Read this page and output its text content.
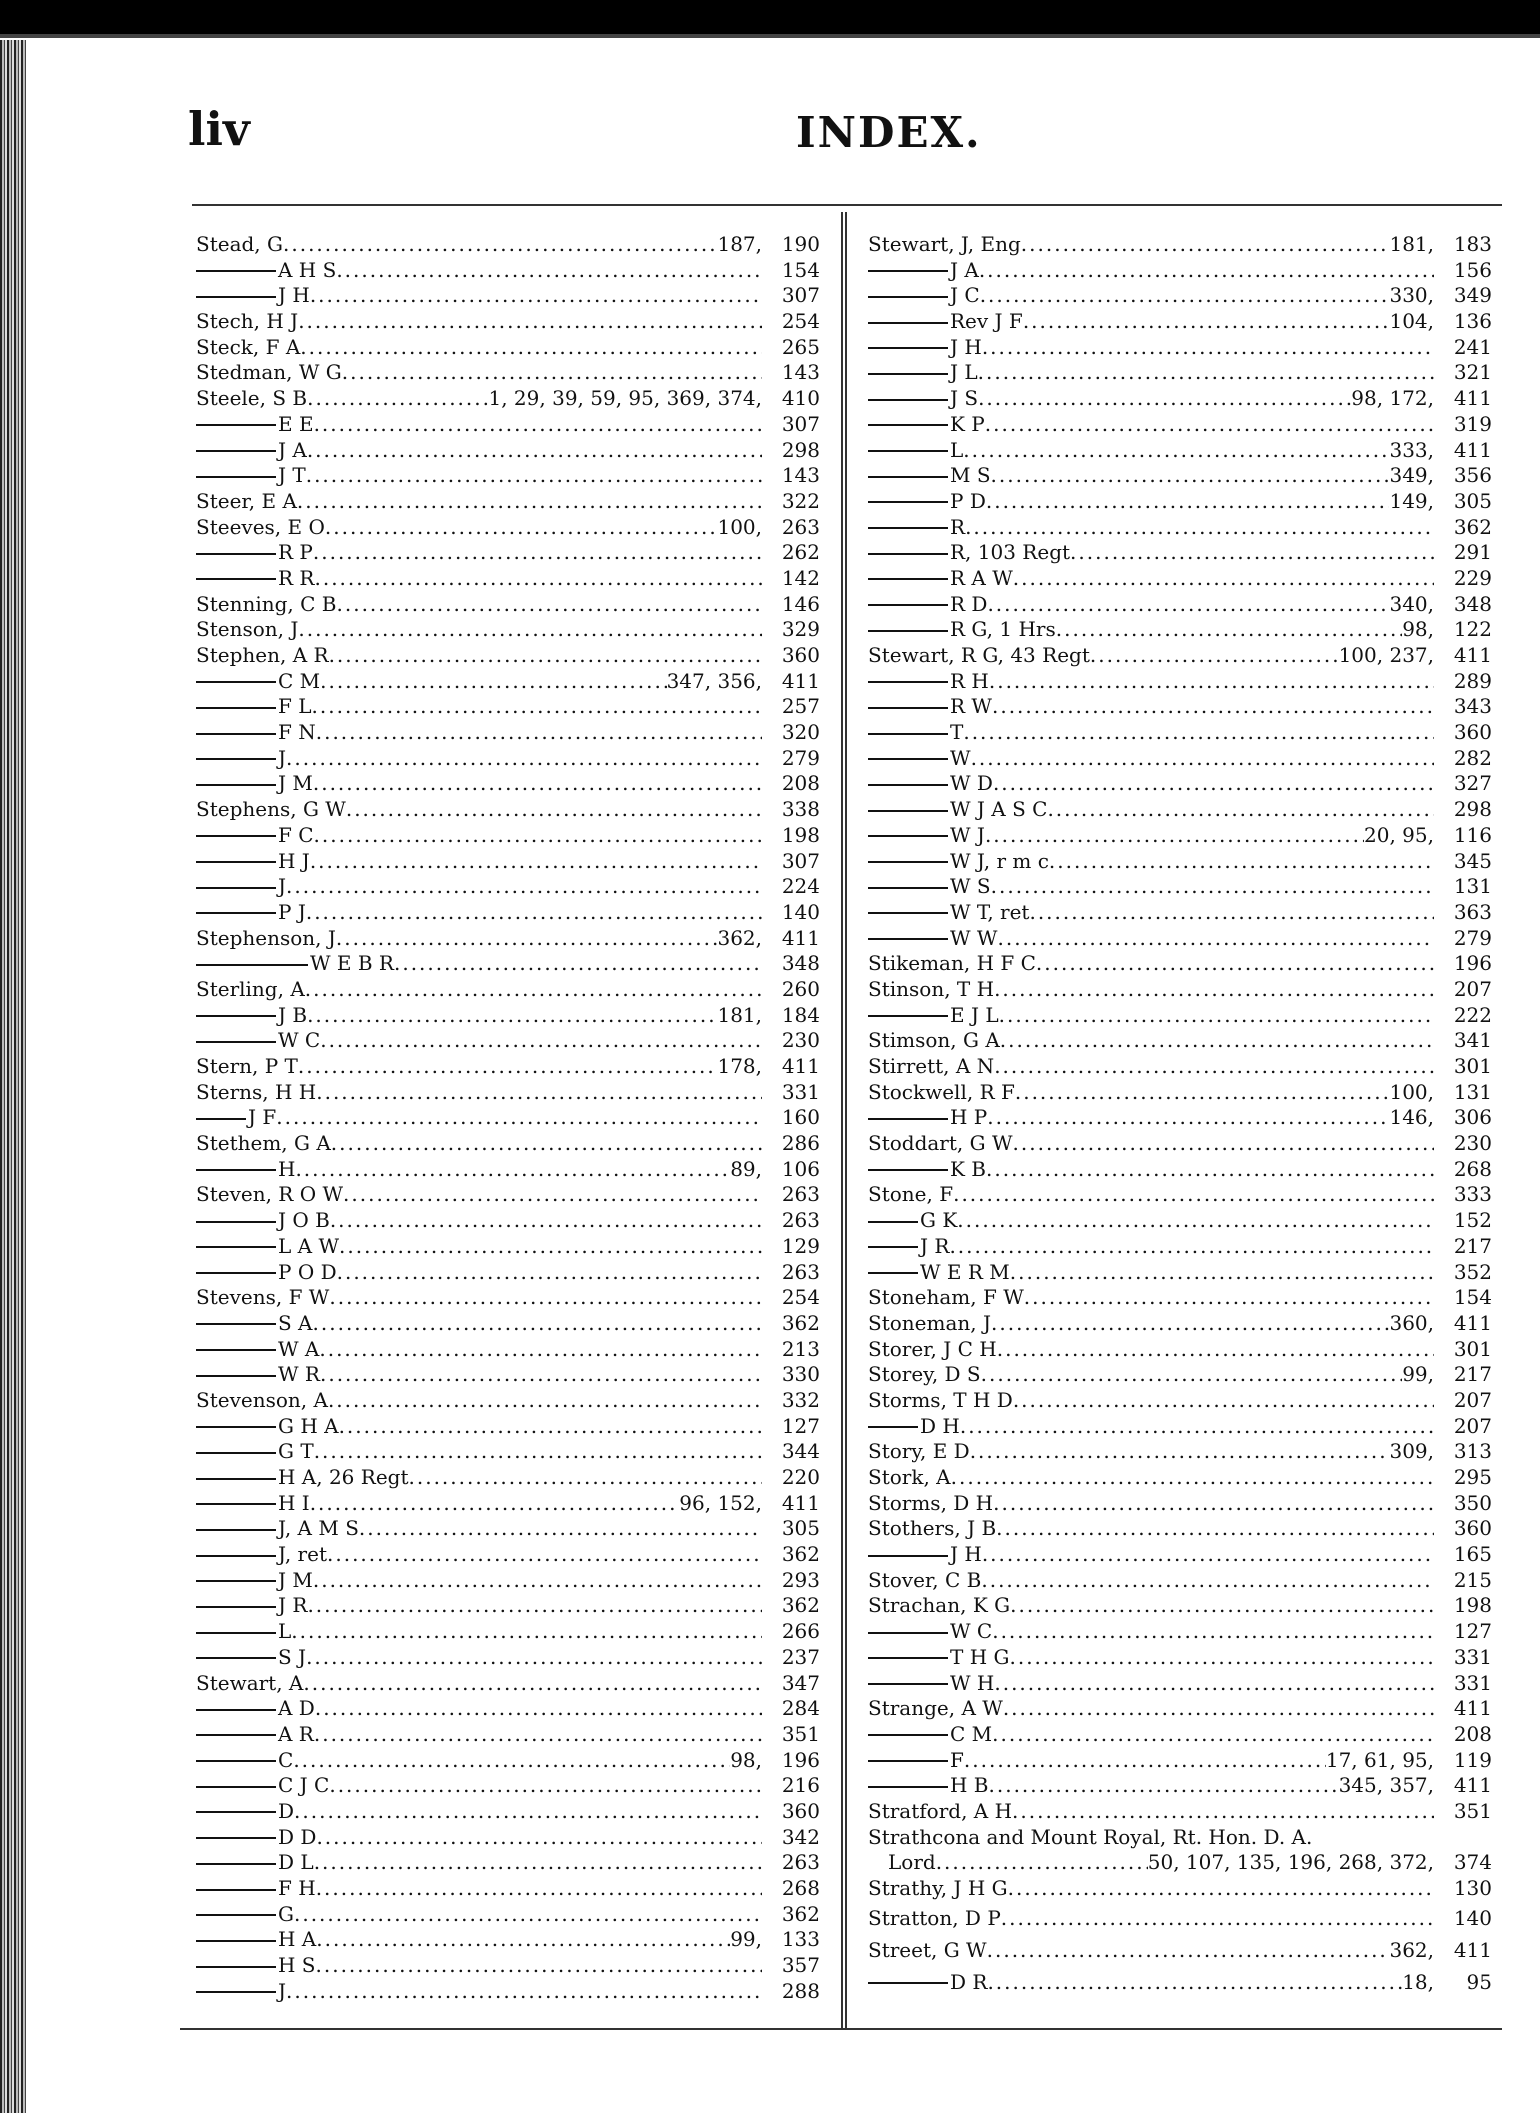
liv	INDEX.
Stead, G .....	187, 190
A H S .....	154
J H .....	307
Stech, H J .....	254
Steck, F A .....	265
Stedman, W G .....	143
Steele, S B .....	1, 29, 39, 59, 95, 369, 374, 410
E E .....	307
J A .....	298
J T .....	143
Steer, E A .....	322
Steeves, E O .....	100, 263
R P .....	262
R R .....	142
Stenning, C B .....	146
Stenson, J .....	329
Stephen, A R .....	360
C M .....	347, 356, 411
F L .....	257
F N .....	320
J .....	279
J M .....	208
Stephens, G W .....	338
F C .....	198
H J .....	307
J .....	224
P J .....	140
Stephenson, J .....	362, 411
W E B R .....	348
Sterling, A .....	260
J B .....	181, 184
W C .....	230
Stern, P T .....	178, 411
Sterns, H H .....	331
J F .....	160
Stethem, G A .....	286
H .....	89, 106
Steven, R O W .....	263
J O B .....	263
L A W .....	129
P O D .....	263
Stevens, F W .....	254
S A .....	362
W A .....	213
W R .....	330
Stevenson, A .....	332
G H A .....	127
G T .....	344
H A, 26 Regt .....	220
H I .....	96, 152, 411
J, A M S .....	305
J, ret .....	362
J M .....	293
J R .....	362
L .....	266
S J .....	237
Stewart, A .....	347
A D .....	284
A R .....	351
C .....	98, 196
C J C .....	216
D .....	360
D D .....	342
D L .....	263
F H .....	268
G .....	362
H A .....	99, 133
H S .....	357
J .....	288
Stewart, J, Eng .....	181, 183
J A .....	156
J C .....	330, 349
Rev J F .....	104, 136
J H .....	241
J L .....	321
J S .....	98, 172, 411
K P .....	319
L .....	333, 411
M S .....	349, 356
P D .....	149, 305
R .....	362
R, 103 Regt .....	291
R A W .....	229
R D .....	340, 348
R G, 1 Hrs .....	98, 122
Stewart, R G, 43 Regt .....	100, 237, 411
R H .....	289
R W .....	343
T .....	360
W .....	282
W D .....	327
W J A S C .....	298
W J .....	20, 95, 116
W J, r m c .....	345
W S .....	131
W T, ret .....	363
W W .....	279
Stikeman, H F C .....	196
Stinson, T H .....	207
E J L .....	222
Stimson, G A .....	341
Stirrett, A N .....	301
Stockwell, R F .....	100, 131
H P .....	146, 306
Stoddart, G W .....	230
K B .....	268
Stone, F .....	333
G K .....	152
J R .....	217
W E R M .....	352
Stoneham, F W .....	154
Stoneman, J .....	360, 411
Storer, J C H .....	301
Storey, D S .....	99, 217
Storms, T H D .....	207
D H .....	207
Story, E D .....	309, 313
Stork, A .....	295
Storms, D H .....	350
Stothers, J B .....	360
J H .....	165
Stover, C B .....	215
Strachan, K G .....	198
W C .....	127
T H G .....	331
W H .....	331
Strange, A W .....	411
C M .....	208
F .....	17, 61, 95, 119
H B .....	345, 357, 411
Stratford, A H .....	351
Strathcona and Mount Royal, Rt. Hon. D. A.
Lord .....	50, 107, 135, 196, 268, 372, 374
Strathy, J H G .....	130
Stratton, D P .....	140
Street, G W .....	362, 411
D R .....	18,	95
